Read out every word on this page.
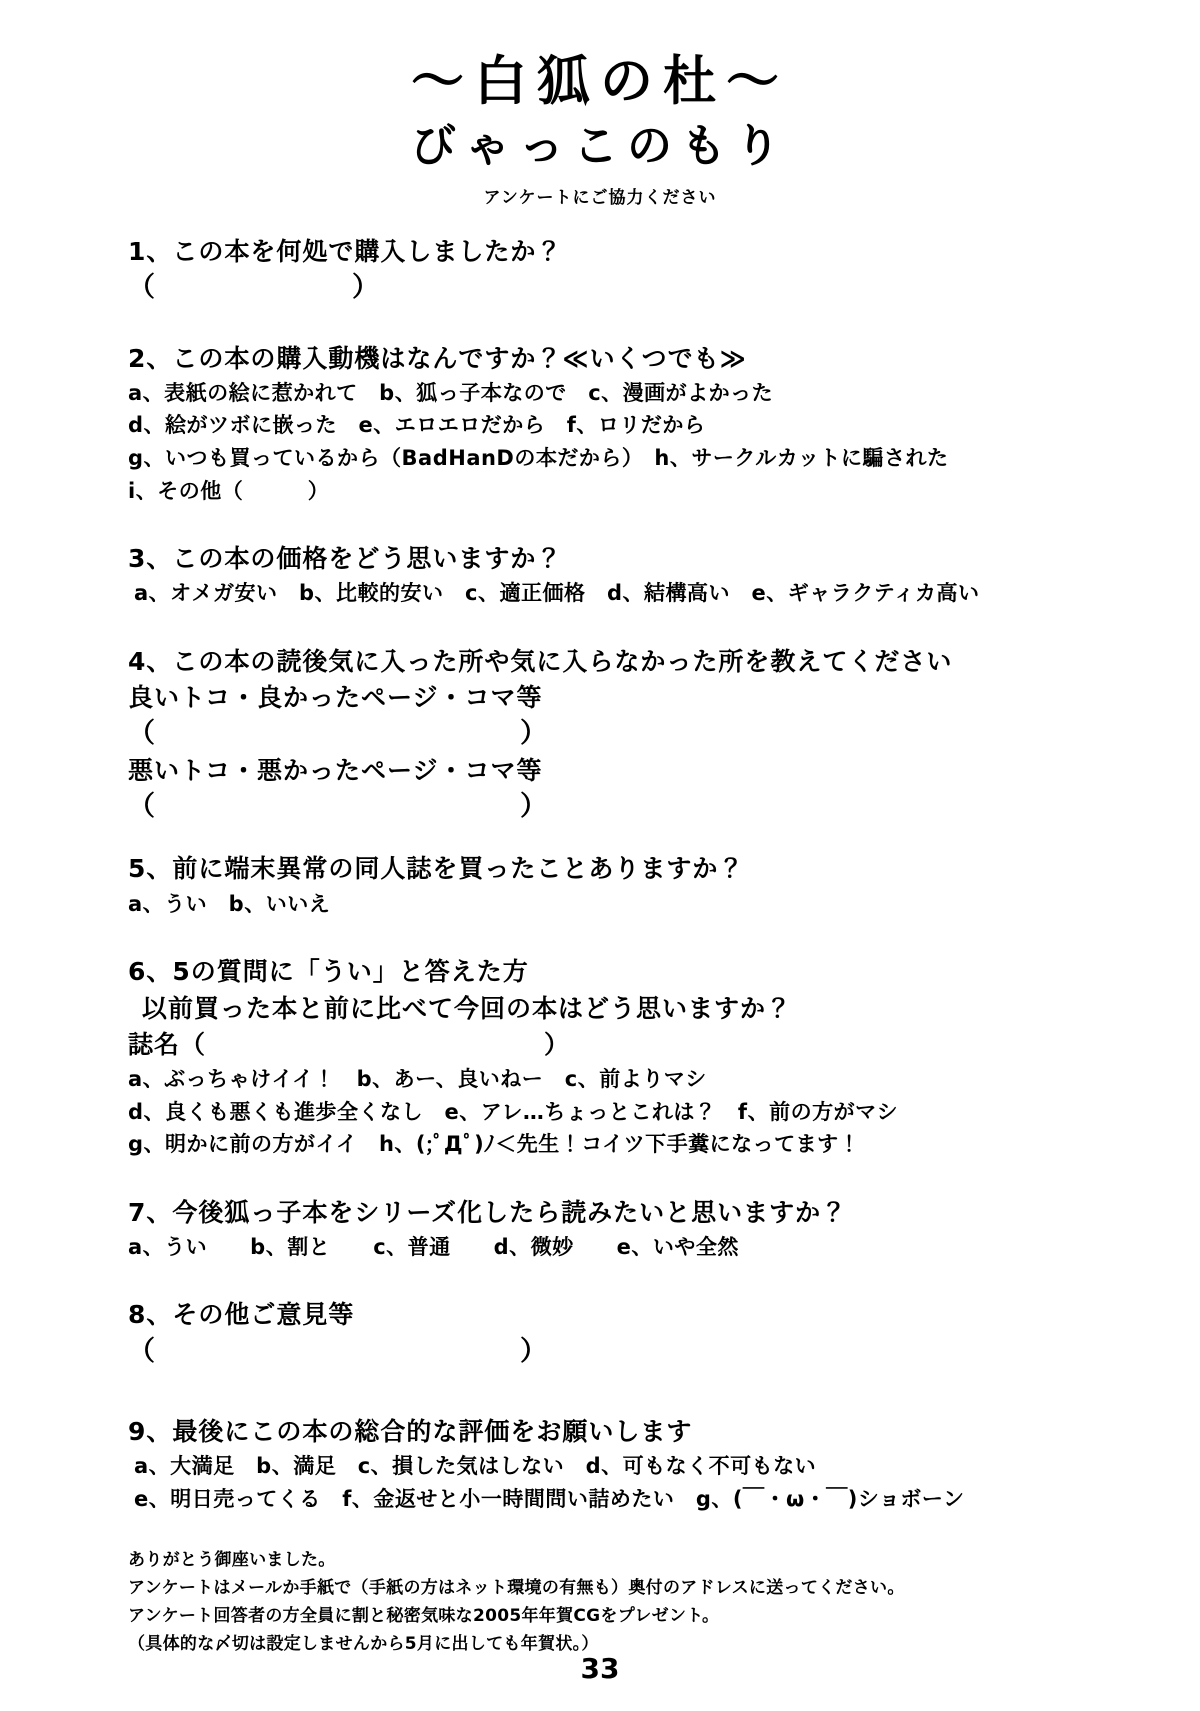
〜白狐の杜〜
びゃっこのもり
アンケートにご協力ください
1、この本を何処で購入しましたか？
（　　　　　　　）
2、この本の購入動機はなんですか？≪いくつでも≫
a、表紙の絵に惹かれて　b、狐っ子本なので　c、漫画がよかった
d、絵がツボに嵌った　e、エロエロだから　f、ロリだから
g、いつも買っているから（BadHanDの本だから）　h、サークルカットに騙された
i、その他（　　　）
3、この本の価格をどう思いますか？
a、オメガ安い　b、比較的安い　c、適正価格　d、結構高い　e、ギャラクティカ高い
4、この本の読後気に入った所や気に入らなかった所を教えてください
良いトコ・良かったページ・コマ等
（　　　　　　　　　　　　　）
悪いトコ・悪かったページ・コマ等
（　　　　　　　　　　　　　）
5、前に端末異常の同人誌を買ったことありますか？
a、うい　b、いいえ
6、5の質問に「うい」と答えた方
以前買った本と前に比べて今回の本はどう思いますか？
誌名（　　　　　　　　　　　　　）
a、ぶっちゃけイイ！　b、あー、良いねー　c、前よりマシ
d、良くも悪くも進歩全くなし　e、アレ…ちょっとこれは？　f、前の方がマシ
g、明かに前の方がイイ　h、(;ﾟДﾟ)ﾉ＜先生！コイツ下手糞になってます！
7、今後狐っ子本をシリーズ化したら読みたいと思いますか？
a、うい　　b、割と　　c、普通　　d、微妙　　e、いや全然
8、その他ご意見等
（　　　　　　　　　　　　　）
9、最後にこの本の総合的な評価をお願いします
a、大満足　b、満足　c、損した気はしない　d、可もなく不可もない
e、明日売ってくる　f、金返せと小一時間問い詰めたい　g、(￣・ω・￣)ショボーン
ありがとう御座いました。
アンケートはメールか手紙で（手紙の方はネット環境の有無も）奥付のアドレスに送ってください。
アンケート回答者の方全員に割と秘密気味な2005年年賀CGをプレゼント。
（具体的な〆切は設定しませんから5月に出しても年賀状。）
33
